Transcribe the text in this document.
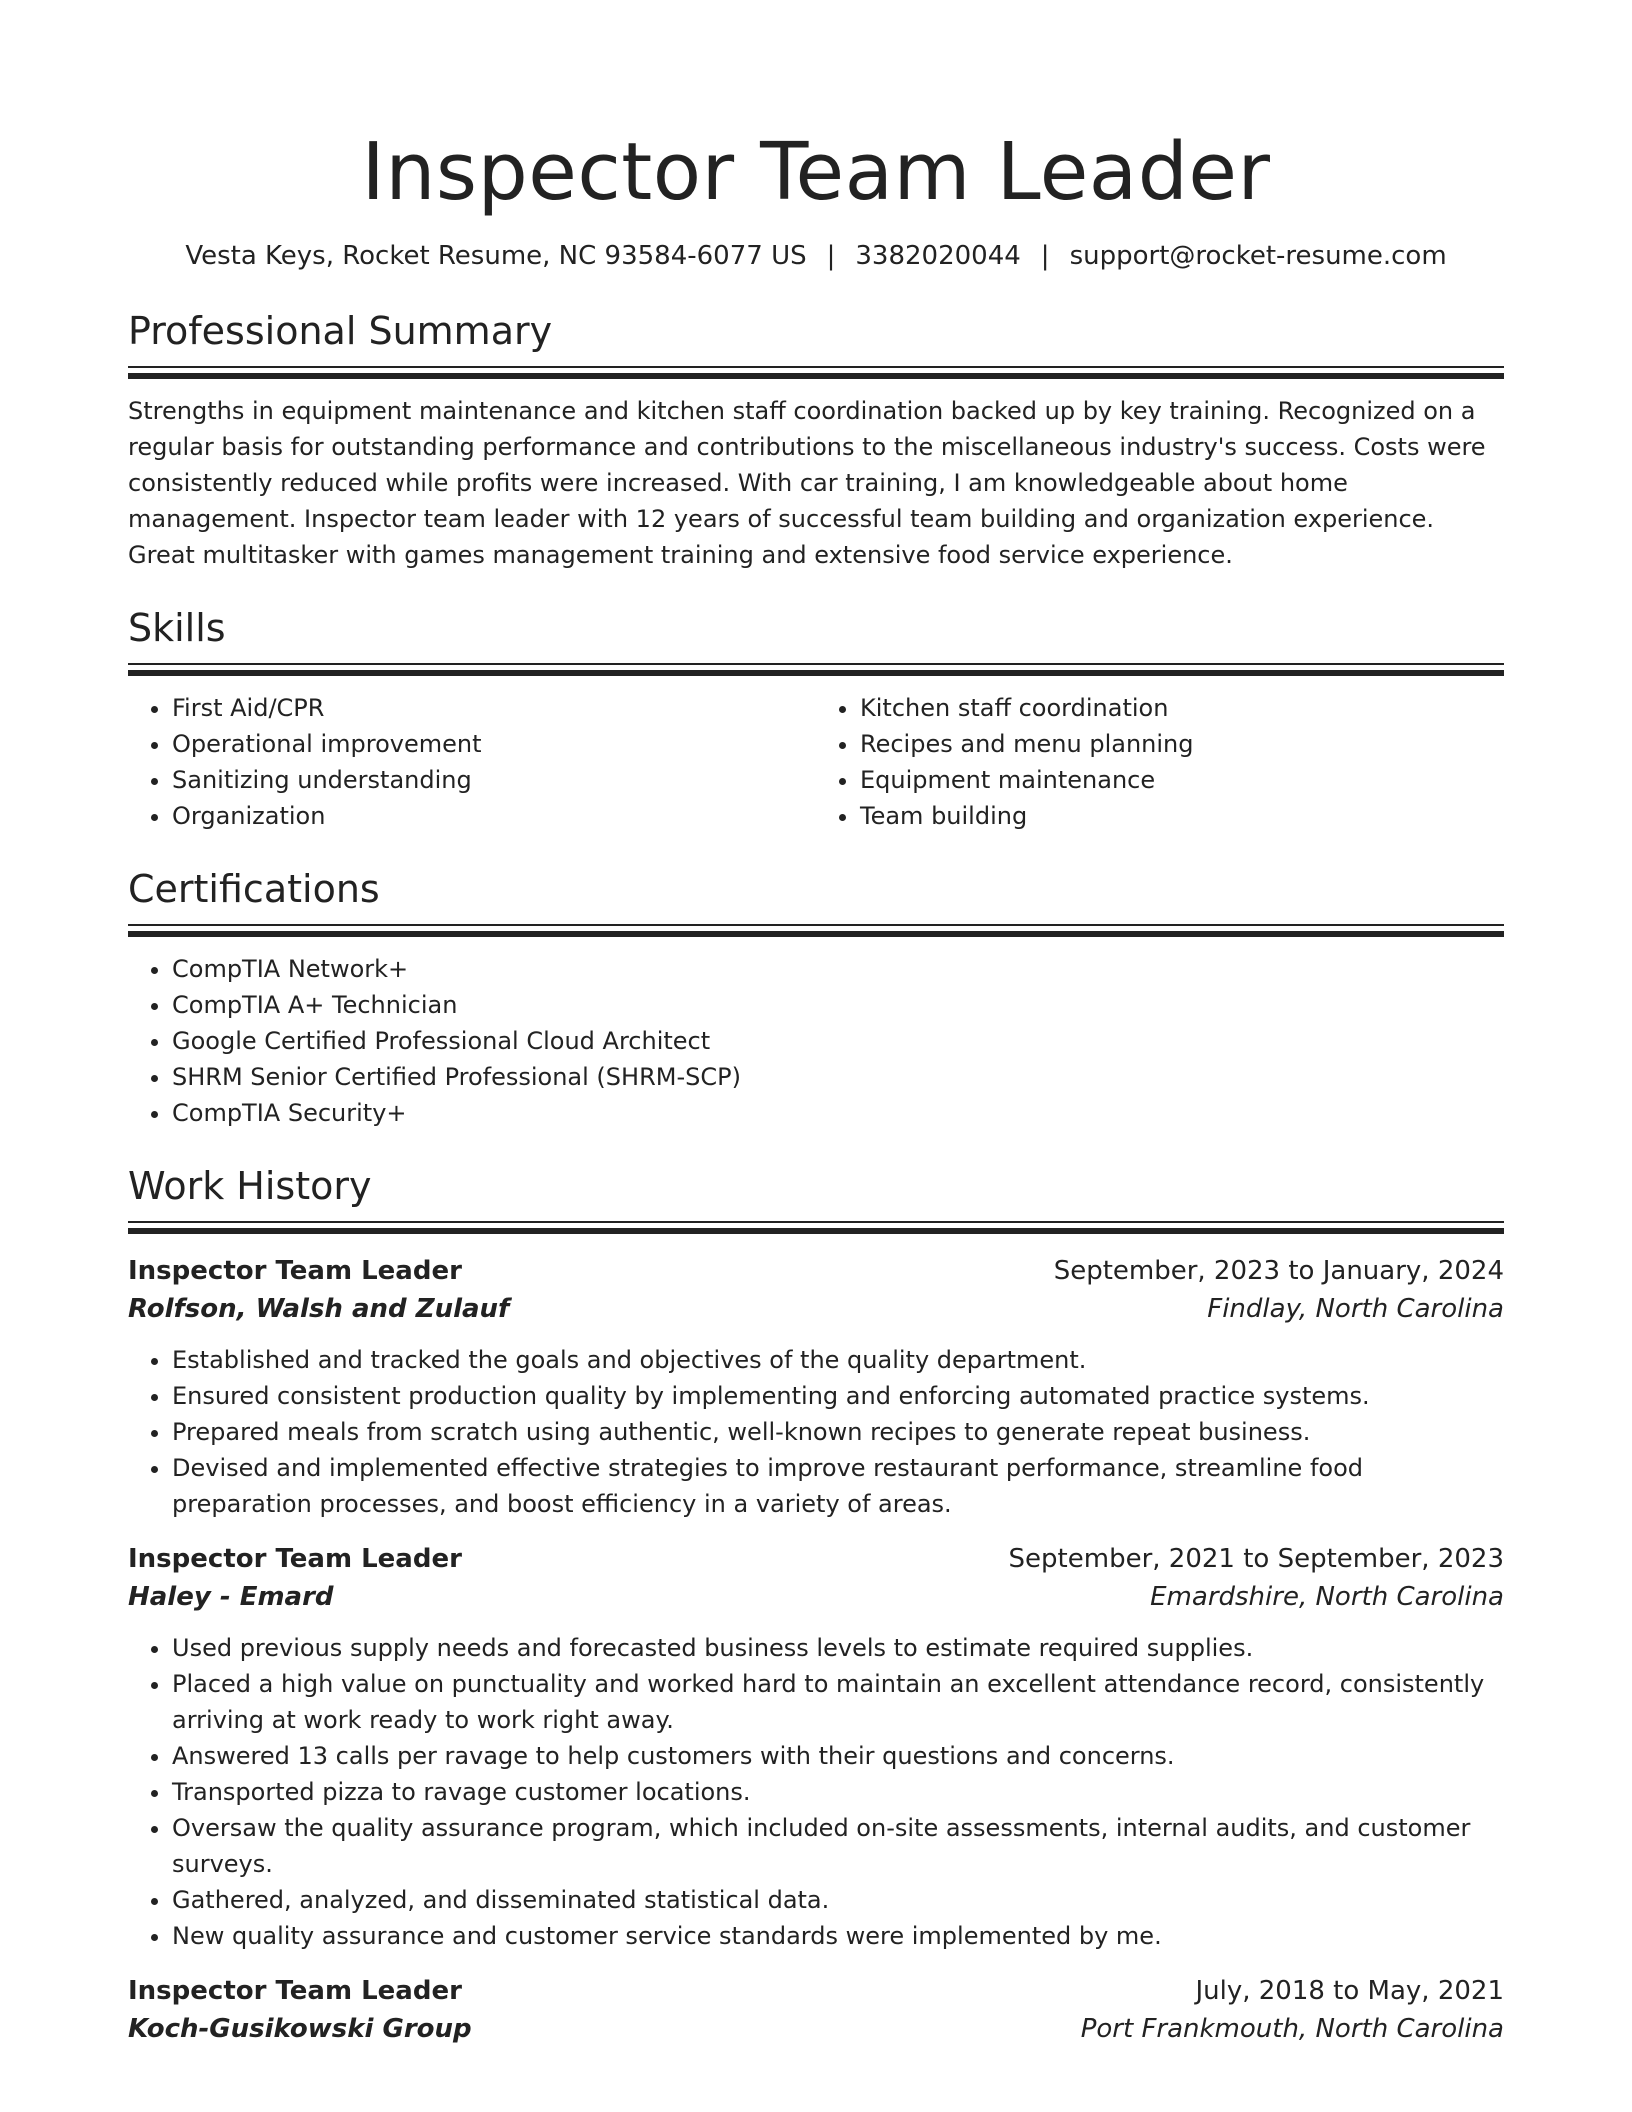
Inspector Team Leader
Vesta Keys, Rocket Resume, NC 93584-6077 US | 3382020044 | support@rocket-resume.com
Professional Summary

Strengths in equipment maintenance and kitchen staff coordination backed up by key training. Recognized on a regular basis for outstanding performance and contributions to the miscellaneous industry's success. Costs were consistently reduced while profits were increased. With car training, I am knowledgeable about home management. Inspector team leader with 12 years of successful team building and organization experience. Great multitasker with games management training and extensive food service experience.

Skills
• First Aid/CPR
• Operational improvement
• Sanitizing understanding
• Organization
• Kitchen staff coordination
• Recipes and menu planning
• Equipment maintenance
• Team building
Certifications
• CompTIA Network+
• CompTIA A+ Technician
• Google Certified Professional Cloud Architect
• SHRM Senior Certified Professional (SHRM-SCP)
• CompTIA Security+
Work History
Inspector Team Leader	September, 2023 to January, 2024
Rolfson, Walsh and Zulauf	Findlay, North Carolina
• Established and tracked the goals and objectives of the quality department.
• Ensured consistent production quality by implementing and enforcing automated practice systems.
• Prepared meals from scratch using authentic, well-known recipes to generate repeat business.
• Devised and implemented effective strategies to improve restaurant performance, streamline food preparation processes, and boost efficiency in a variety of areas.
Inspector Team Leader	September, 2021 to September, 2023
Haley - Emard	Emardshire, North Carolina
• Used previous supply needs and forecasted business levels to estimate required supplies.
• Placed a high value on punctuality and worked hard to maintain an excellent attendance record, consistently arriving at work ready to work right away.
• Answered 13 calls per ravage to help customers with their questions and concerns.
• Transported pizza to ravage customer locations.
• Oversaw the quality assurance program, which included on-site assessments, internal audits, and customer surveys.
• Gathered, analyzed, and disseminated statistical data.
• New quality assurance and customer service standards were implemented by me.
Inspector Team Leader	July, 2018 to May, 2021
Koch-Gusikowski Group	Port Frankmouth, North Carolina
